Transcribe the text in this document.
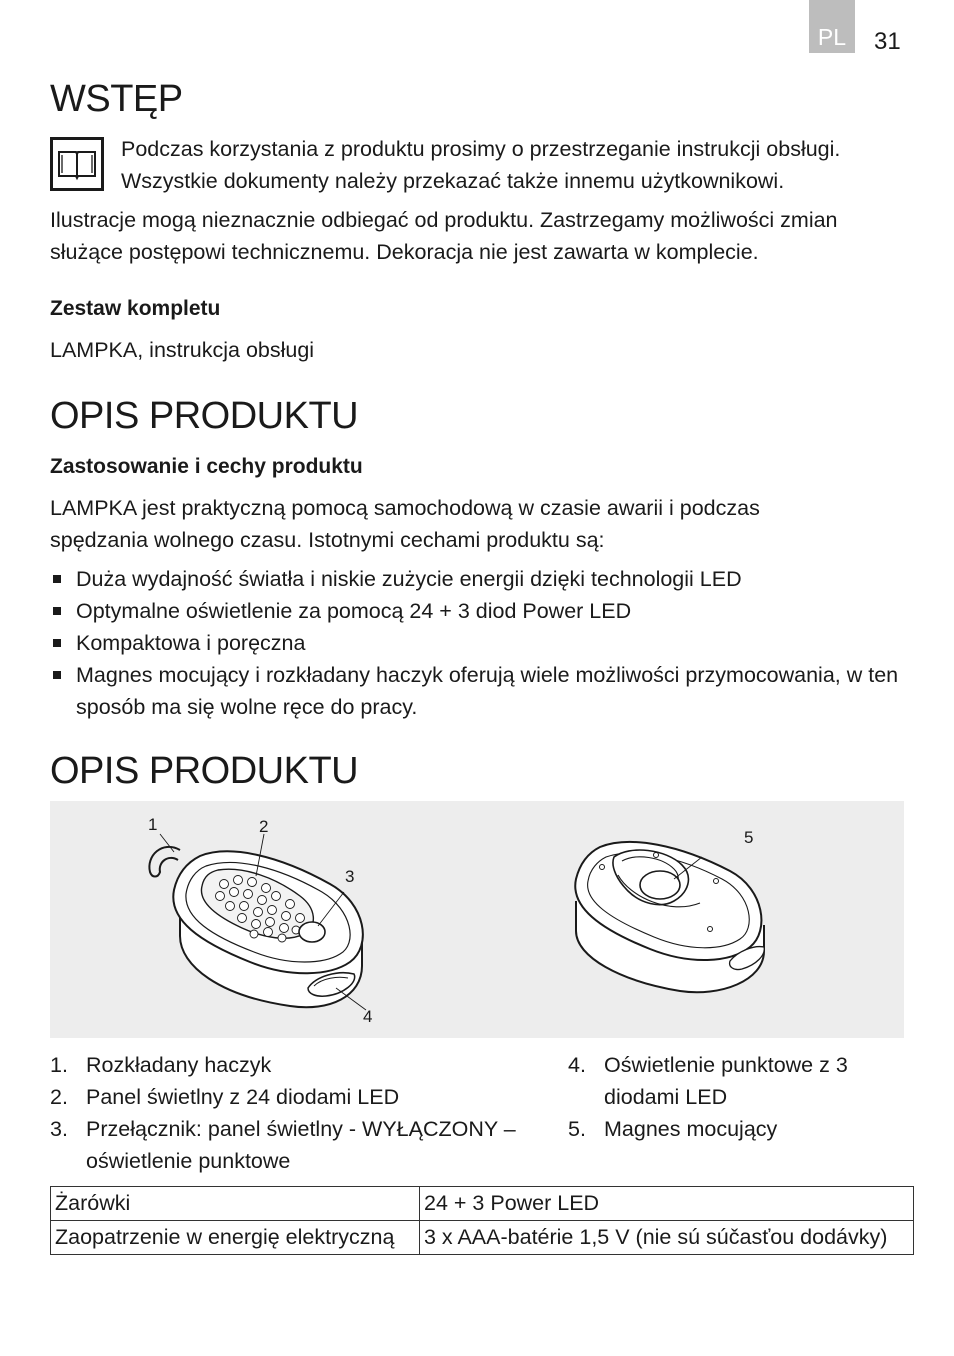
PL	31
WSTĘP
Podczas korzystania z produktu prosimy o przestrzeganie instrukcji obsługi.
Wszystkie dokumenty należy przekazać także innemu użytkownikowi.
Ilustracje mogą nieznacznie odbiegać od produktu. Zastrzegamy możliwości zmian
służące postępowi technicznemu. Dekoracja nie jest zawarta w komplecie.
Zestaw kompletu
LAMPKA, instrukcja obsługi
OPIS PRODUKTU
Zastosowanie i cechy produktu
LAMPKA jest praktyczną pomocą samochodową w czasie awarii i podczas
spędzania wolnego czasu. Istotnymi cechami produktu są:
Duża wydajność światła i niskie zużycie energii dzięki technologii LED
Optymalne oświetlenie za pomocą 24 + 3 diod Power LED
Kompaktowa i poręczna
Magnes mocujący i rozkładany haczyk oferują wiele możliwości przymocowania, w ten sposób ma się wolne ręce do pracy.
OPIS PRODUKTU
1	2
3
4
5
1. Rozkładany haczyk
2. Panel świetlny z 24 diodami LED
3. Przełącznik: panel świetlny - WYŁĄCZONY – oświetlenie punktowe
4. Oświetlenie punktowe z 3 diodami LED
5. Magnes mocujący
Żarówki	24 + 3 Power LED
Zaopatrzenie w energię elektryczną	3 x AAA-batérie 1,5 V (nie sú súčasťou dodávky)
